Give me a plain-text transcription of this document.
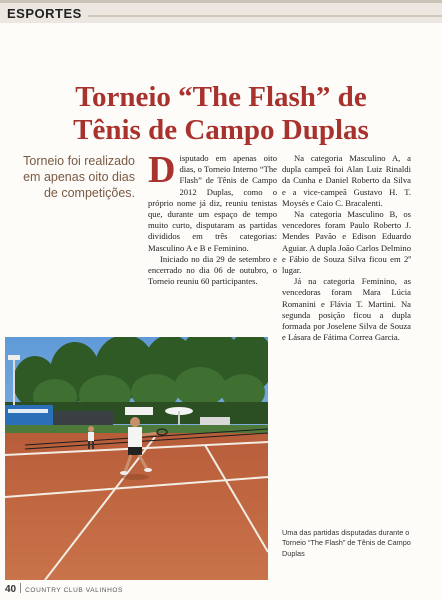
ESPORTES
Torneio “The Flash” de
Tênis de Campo Duplas
Torneio foi realizado em apenas oito dias de competições.

Disputado em apenas oito dias, o Torneio Interno “The Flash” de Tênis de Campo 2012 Duplas, como o próprio nome já diz, reuniu tenistas que, durante um espaço de tempo muito curto, disputaram as partidas divididos em três categorias: Masculino A e B e Feminino.

Iniciado no dia 29 de setembro e encerrado no dia 06 de outubro, o Torneio reuniu 60 participantes.

Na categoria Masculino A, a dupla campeã foi Alan Luiz Rinaldi da Cunha e Daniel Roberto da Silva e a vice-campeã Gustavo H. T. Moysés e Caio C. Bracalenti.

Na categoria Masculino B, os vencedores foram Paulo Roberto J. Mendes Pavão e Edison Eduardo Aguiar. A dupla João Carlos Delmino e Fábio de Souza Silva ficou em 2º lugar.

Já na categoria Feminino, as vencedoras foram Mara Lúcia Romanini e Flávia T. Martini. Na segunda posição ficou a dupla formada por Joselene Silva de Souza e Lásara de Fátima Correa Garcia.

Uma das partidas disputadas durante o Torneio “The Flash” de Tênis de Campo Duplas
40 COUNTRY CLUB VALINHOS
